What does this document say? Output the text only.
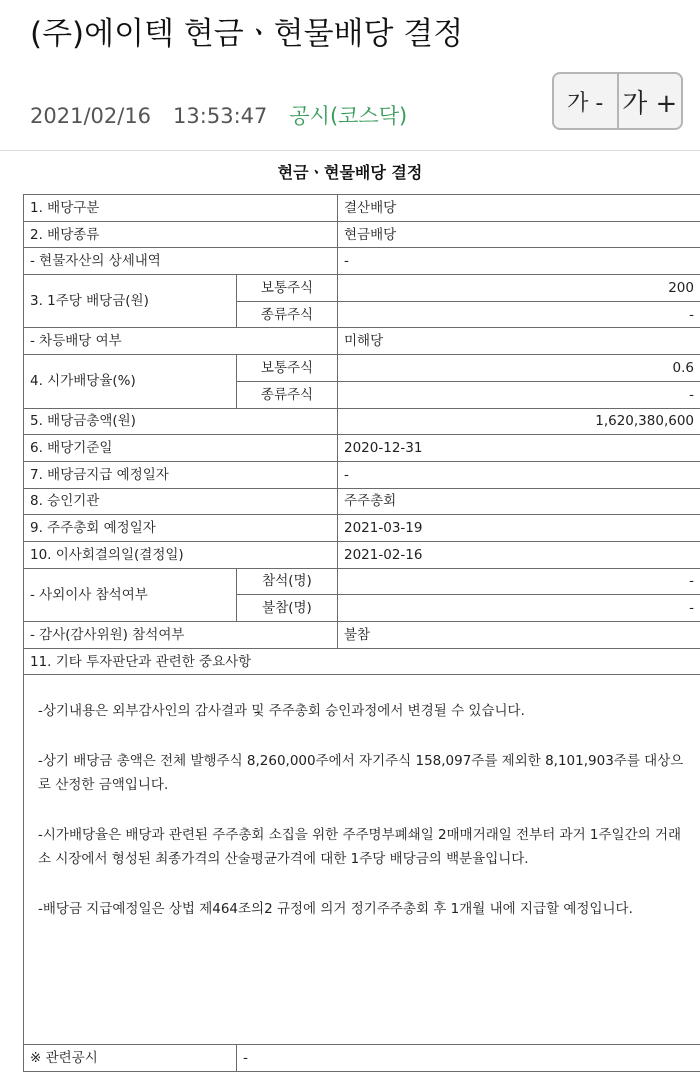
(주)에이텍 현금ㆍ현물배당 결정
2021/02/16 13:53:47 공시(코스닥)
가 - 가 +
현금ㆍ현물배당 결정
1. 배당구분		결산배당
2. 배당종류		현금배당
- 현물자산의 상세내역		-
3. 1주당 배당금(원)	보통주식	200
	종류주식	-
- 차등배당 여부		미해당
4. 시가배당율(%)	보통주식	0.6
	종류주식	-
5. 배당금총액(원)		1,620,380,600
6. 배당기준일		2020-12-31
7. 배당금지급 예정일자		-
8. 승인기관		주주총회
9. 주주총회 예정일자		2021-03-19
10. 이사회결의일(결정일)		2021-02-16
- 사외이사 참석여부	참석(명)	-
	불참(명)	-
- 감사(감사위원) 참석여부		불참
11. 기타 투자판단과 관련한 중요사항		

-상기내용은 외부감사인의 감사결과 및 주주총회 승인과정에서 변경될 수 있습니다.

-상기 배당금 총액은 전체 발행주식 8,260,000주에서 자기주식 158,097주를 제외한 8,101,903주를 대상으로 산정한 금액입니다.

-시가배당율은 배당과 관련된 주주총회 소집을 위한 주주명부폐쇄일 2매매거래일 전부터 과거 1주일간의 거래소 시장에서 형성된 최종가격의 산술평균가격에 대한 1주당 배당금의 백분율입니다.

-배당금 지급예정일은 상법 제464조의2 규정에 의거 정기주주총회 후 1개월 내에 지급할 예정입니다.		

※ 관련공시	-	
